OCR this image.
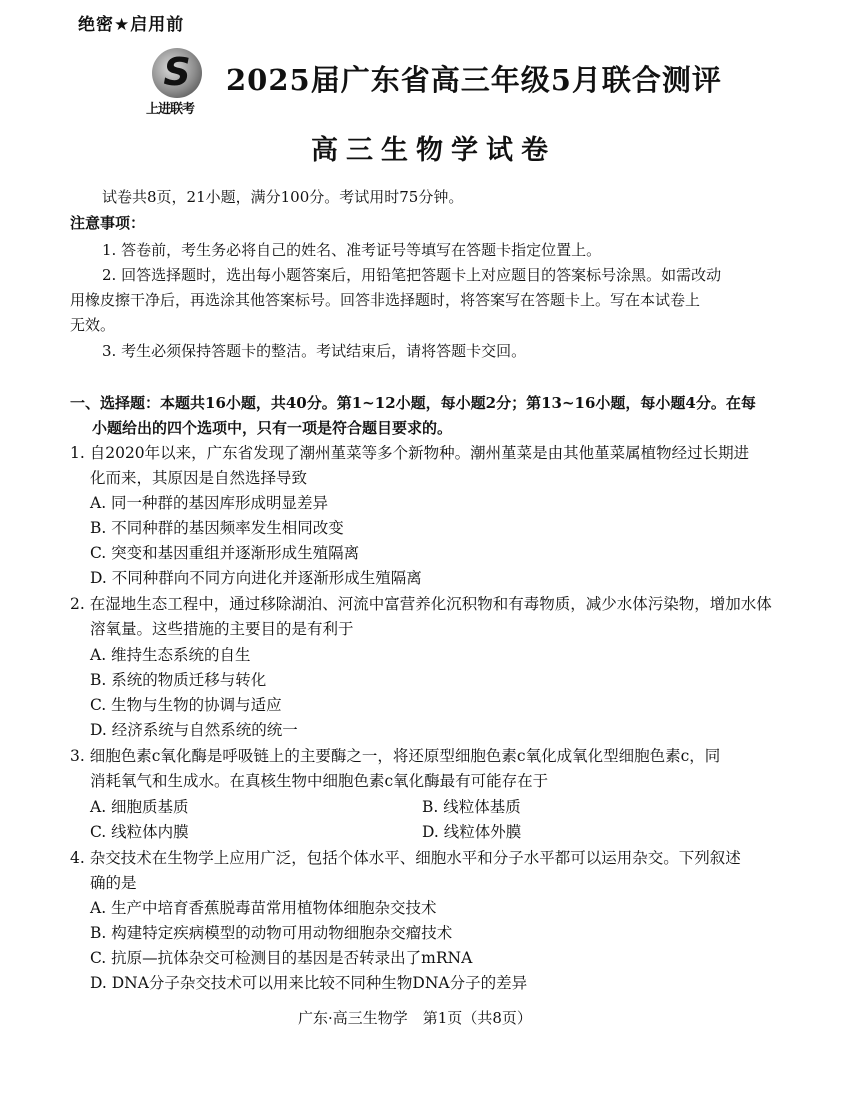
绝密★启用前
S
上进联考
2025届广东省高三年级5月联合测评
高三生物学试卷
试卷共8页，21小题，满分100分。考试用时75分钟。
注意事项：
1. 答卷前，考生务必将自己的姓名、准考证号等填写在答题卡指定位置上。
2. 回答选择题时，选出每小题答案后，用铅笔把答题卡上对应题目的答案标号涂黑。如需改动
用橡皮擦干净后，再选涂其他答案标号。回答非选择题时，将答案写在答题卡上。写在本试卷上
无效。
3. 考生必须保持答题卡的整洁。考试结束后，请将答题卡交回。
一、选择题：本题共16小题，共40分。第1~12小题，每小题2分；第13~16小题，每小题4分。在每
小题给出的四个选项中，只有一项是符合题目要求的。
1. 自2020年以来，广东省发现了潮州堇菜等多个新物种。潮州堇菜是由其他堇菜属植物经过长期进
化而来，其原因是自然选择导致
A. 同一种群的基因库形成明显差异
B. 不同种群的基因频率发生相同改变
C. 突变和基因重组并逐渐形成生殖隔离
D. 不同种群向不同方向进化并逐渐形成生殖隔离
2. 在湿地生态工程中，通过移除湖泊、河流中富营养化沉积物和有毒物质，减少水体污染物，增加水体
溶氧量。这些措施的主要目的是有利于
A. 维持生态系统的自生
B. 系统的物质迁移与转化
C. 生物与生物的协调与适应
D. 经济系统与自然系统的统一
3. 细胞色素c氧化酶是呼吸链上的主要酶之一，将还原型细胞色素c氧化成氧化型细胞色素c，同
消耗氧气和生成水。在真核生物中细胞色素c氧化酶最有可能存在于
A. 细胞质基质	B. 线粒体基质
C. 线粒体内膜	D. 线粒体外膜
4. 杂交技术在生物学上应用广泛，包括个体水平、细胞水平和分子水平都可以运用杂交。下列叙述
确的是
A. 生产中培育香蕉脱毒苗常用植物体细胞杂交技术
B. 构建特定疾病模型的动物可用动物细胞杂交瘤技术
C. 抗原—抗体杂交可检测目的基因是否转录出了mRNA
D. DNA分子杂交技术可以用来比较不同种生物DNA分子的差异
广东·高三生物学　第1页（共8页）
